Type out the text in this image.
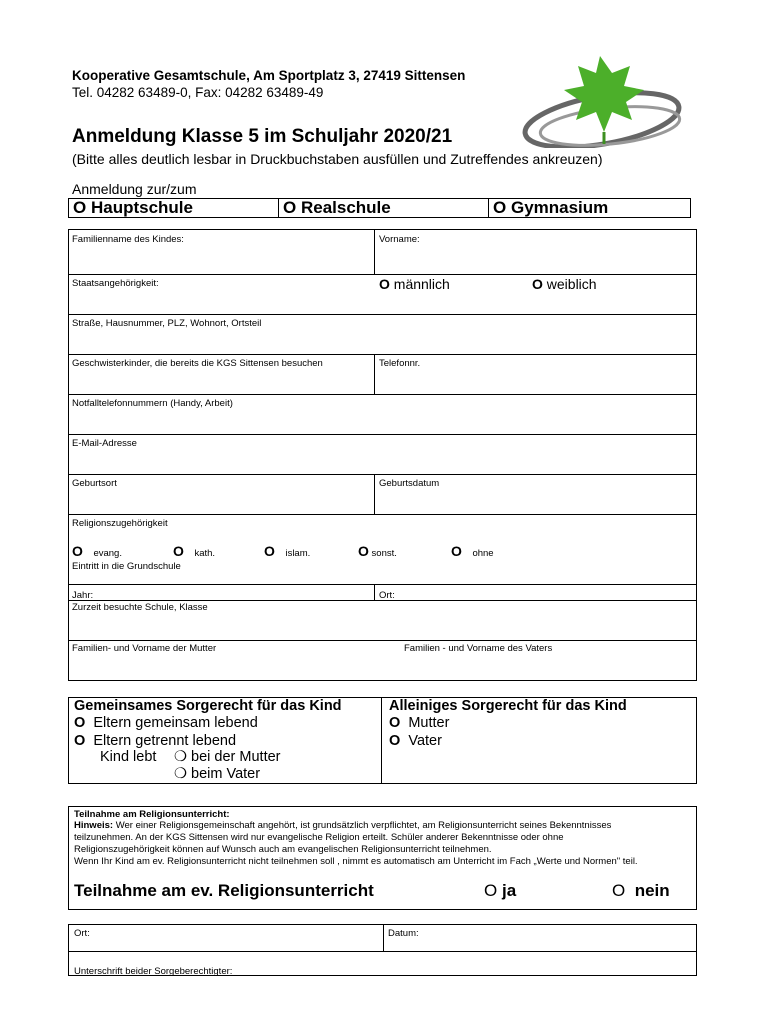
Kooperative Gesamtschule, Am Sportplatz 3, 27419 Sittensen
Tel. 04282 63489-0, Fax: 04282 63489-49
Anmeldung Klasse 5 im Schuljahr 2020/21
(Bitte alles deutlich lesbar in Druckbuchstaben ausfüllen und Zutreffendes ankreuzen)
Anmeldung zur/zum
O Hauptschule	O Realschule	O Gymnasium
Familienname des Kindes:	Vorname:
Staatsangehörigkeit:	O männlich	O weiblich
Straße, Hausnummer, PLZ, Wohnort, Ortsteil
Geschwisterkinder, die bereits die KGS Sittensen besuchen	Telefonnr.
Notfalltelefonnummern (Handy, Arbeit)
E-Mail-Adresse
Geburtsort	Geburtsdatum
Religionszugehörigkeit
O evang.	O kath.	O islam.	O sonst.	O ohne
Eintritt in die Grundschule
Jahr:	Ort:
Zurzeit besuchte Schule, Klasse
Familien- und Vorname der Mutter	Familien - und Vorname des Vaters
Gemeinsames Sorgerecht für das Kind
O Eltern gemeinsam lebend
O Eltern getrennt lebend
Kind lebt ❍ bei der Mutter
❍ beim Vater
Alleiniges Sorgerecht für das Kind
O Mutter
O Vater
Teilnahme am Religionsunterricht:
Hinweis: Wer einer Religionsgemeinschaft angehört, ist grundsätzlich verpflichtet, am Religionsunterricht seines Bekenntnisses
teilzunehmen. An der KGS Sittensen wird nur evangelische Religion erteilt. Schüler anderer Bekenntnisse oder ohne
Religionszugehörigkeit können auf Wunsch auch am evangelischen Religionsunterricht teilnehmen.
Wenn Ihr Kind am ev. Religionsunterricht nicht teilnehmen soll , nimmt es automatisch am Unterricht im Fach „Werte und Normen" teil.
Teilnahme am ev. Religionsunterricht	O ja	O nein
Ort:	Datum:
Unterschrift beider Sorgeberechtigter:
